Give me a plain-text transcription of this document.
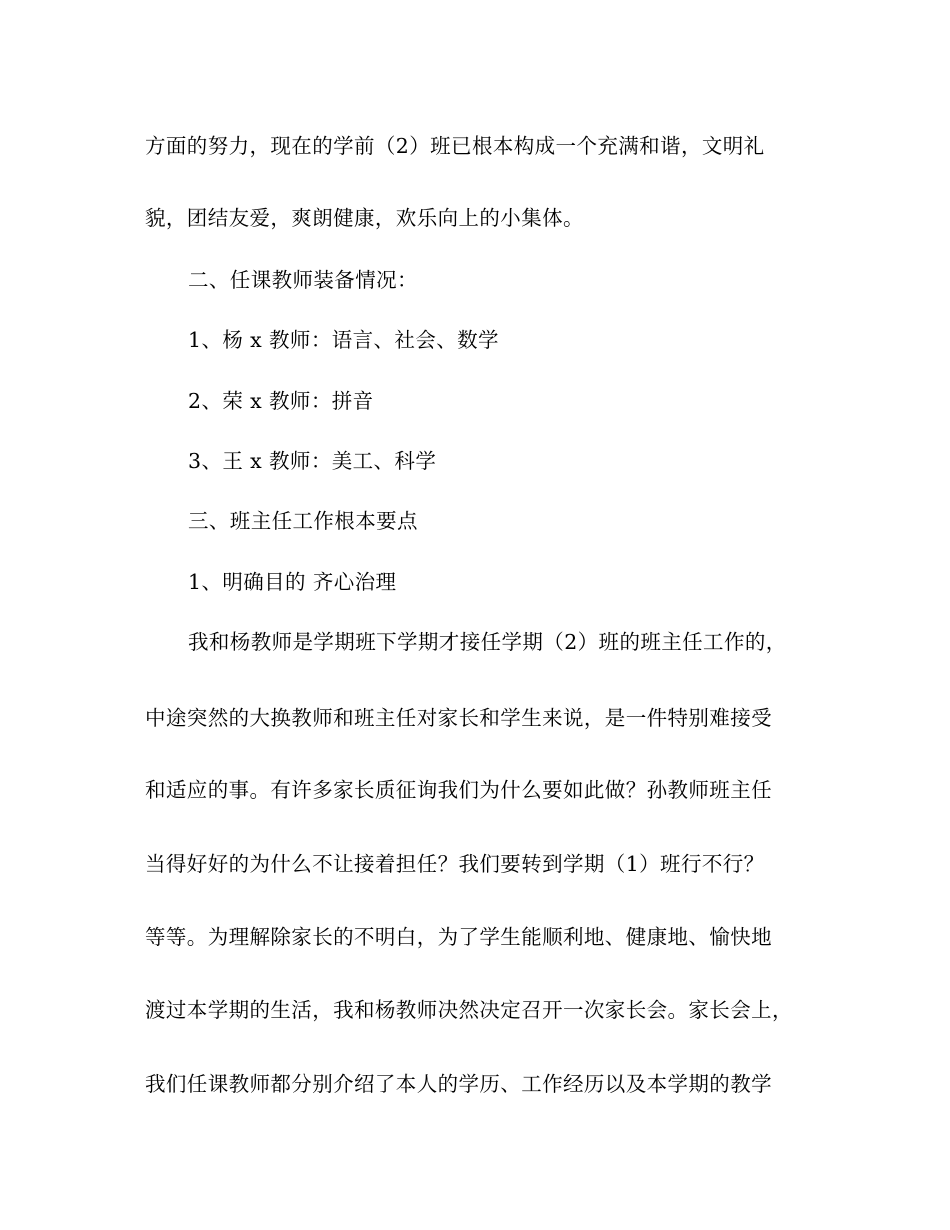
方面的努力，现在的学前（2）班已根本构成一个充满和谐，文明礼
貌，团结友爱，爽朗健康，欢乐向上的小集体。
二、任课教师装备情况：
1、杨 x 教师：语言、社会、数学
2、荣 x 教师：拼音
3、王 x 教师：美工、科学
三、班主任工作根本要点
1、明确目的 齐心治理
我和杨教师是学期班下学期才接任学期（2）班的班主任工作的，
中途突然的大换教师和班主任对家长和学生来说，是一件特别难接受
和适应的事。有许多家长质征询我们为什么要如此做？孙教师班主任
当得好好的为什么不让接着担任？我们要转到学期（1）班行不行？
等等。为理解除家长的不明白，为了学生能顺利地、健康地、愉快地
渡过本学期的生活，我和杨教师决然决定召开一次家长会。家长会上，
我们任课教师都分别介绍了本人的学历、工作经历以及本学期的教学
